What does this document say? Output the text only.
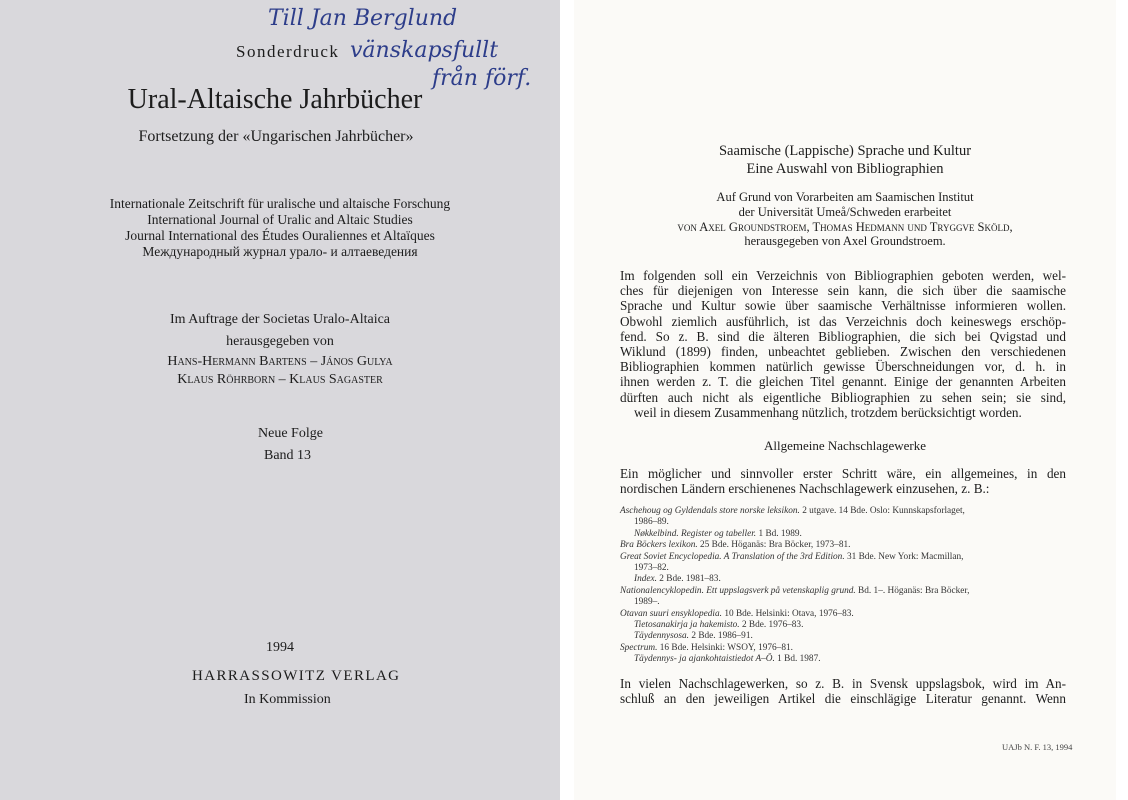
Till Jan Berglund
vänskapsfullt
från förf.
Sonderdruck
Ural-Altaische Jahrbücher
Fortsetzung der «Ungarischen Jahrbücher»
Internationale Zeitschrift für uralische und altaische Forschung
International Journal of Uralic and Altaic Studies
Journal International des Études Ouraliennes et Altaïques
Международный журнал урало- и алтаеведения
Im Auftrage der Societas Uralo-Altaica
herausgegeben von
Hans-Hermann Bartens – János Gulya
Klaus Röhrborn – Klaus Sagaster
Neue Folge
Band 13
1994
HARRASSOWITZ VERLAG
In Kommission
Saamische (Lappische) Sprache und Kultur
Eine Auswahl von Bibliographien
Auf Grund von Vorarbeiten am Saamischen Institut
der Universität Umeå/Schweden erarbeitet
von Axel Groundstroem, Thomas Hedmann und Tryggve Sköld,
herausgegeben von Axel Groundstroem.
Im folgenden soll ein Verzeichnis von Bibliographien geboten werden, wel-
ches für diejenigen von Interesse sein kann, die sich über die saamische
Sprache und Kultur sowie über saamische Verhältnisse informieren wollen.
Obwohl ziemlich ausführlich, ist das Verzeichnis doch keineswegs erschöp-
fend. So z. B. sind die älteren Bibliographien, die sich bei Qvigstad und
Wiklund (1899) finden, unbeachtet geblieben. Zwischen den verschiedenen
Bibliographien kommen natürlich gewisse Überschneidungen vor, d. h. in
ihnen werden z. T. die gleichen Titel genannt. Einige der genannten Arbeiten
dürften auch nicht als eigentliche Bibliographien zu sehen sein; sie sind,
weil in diesem Zusammenhang nützlich, trotzdem berücksichtigt worden.
Allgemeine Nachschlagewerke
Ein möglicher und sinnvoller erster Schritt wäre, ein allgemeines, in den
nordischen Ländern erschienenes Nachschlagewerk einzusehen, z. B.:
Aschehoug og Gyldendals store norske leksikon. 2 utgave. 14 Bde. Oslo: Kunnskapsforlaget,
1986–89.
Nøkkelbind. Register og tabeller. 1 Bd. 1989.
Bra Böckers lexikon. 25 Bde. Höganäs: Bra Böcker, 1973–81.
Great Soviet Encyclopedia. A Translation of the 3rd Edition. 31 Bde. New York: Macmillan,
1973–82.
Index. 2 Bde. 1981–83.
Nationalencyklopedin. Ett uppslagsverk på vetenskaplig grund. Bd. 1–. Höganäs: Bra Böcker,
1989–.
Otavan suuri ensyklopedia. 10 Bde. Helsinki: Otava, 1976–83.
Tietosanakirja ja hakemisto. 2 Bde. 1976–83.
Täydennysosa. 2 Bde. 1986–91.
Spectrum. 16 Bde. Helsinki: WSOY, 1976–81.
Täydennys- ja ajankohtaistiedot A–Ö. 1 Bd. 1987.
In vielen Nachschlagewerken, so z. B. in Svensk uppslagsbok, wird im An-
schluß an den jeweiligen Artikel die einschlägige Literatur genannt. Wenn
UAJb N. F. 13, 1994
